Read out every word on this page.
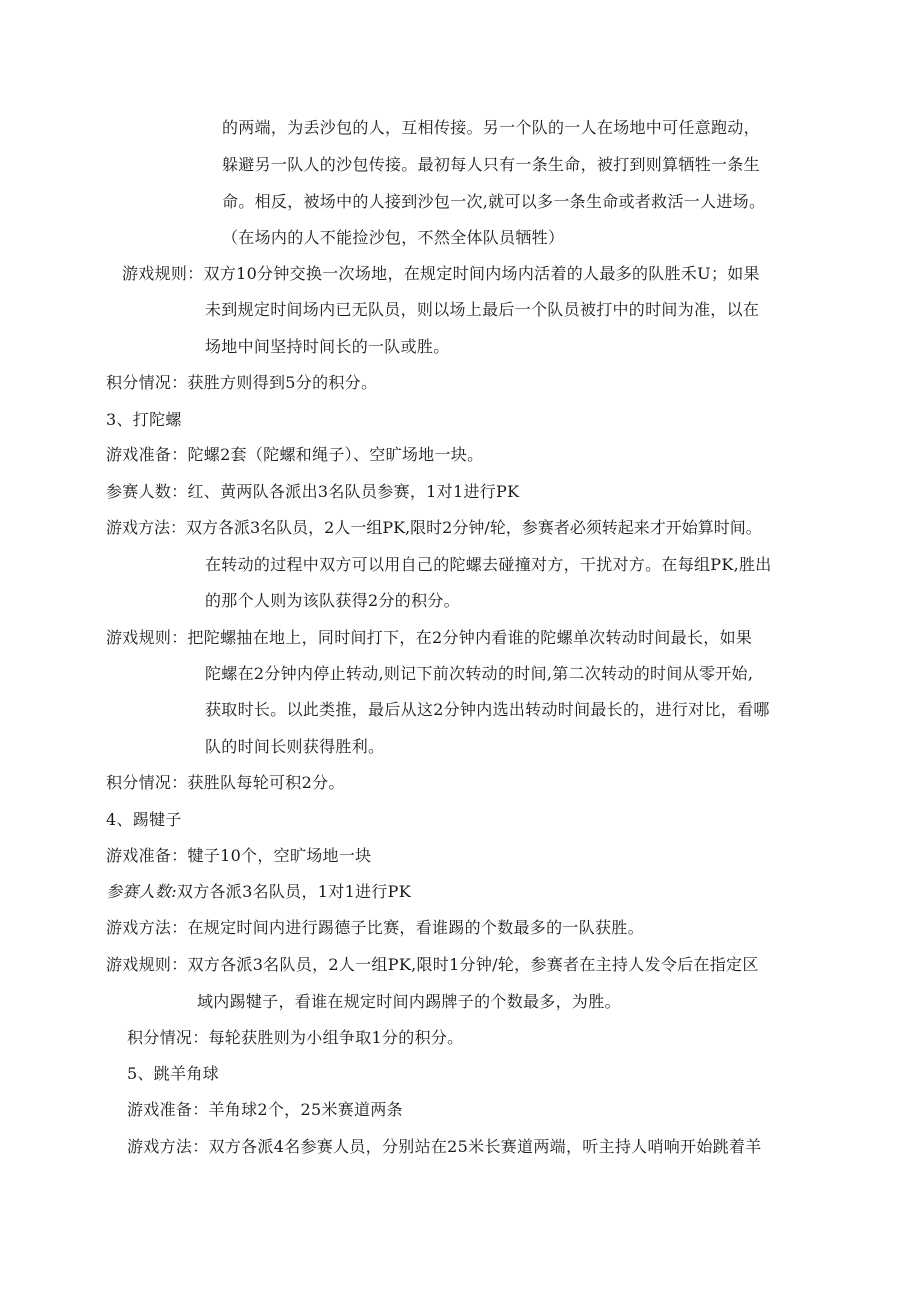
的两端，为丢沙包的人，互相传接。另一个队的一人在场地中可任意跑动，
躲避另一队人的沙包传接。最初每人只有一条生命，被打到则算牺牲一条生
命。相反，被场中的人接到沙包一次,就可以多一条生命或者救活一人进场。
（在场内的人不能捡沙包，不然全体队员牺牲）
游戏规则：双方10分钟交换一次场地，在规定时间内场内活着的人最多的队胜禾U；如果
未到规定时间场内已无队员，则以场上最后一个队员被打中的时间为准，以在
场地中间坚持时间长的一队或胜。
积分情况：获胜方则得到5分的积分。
3、打陀螺
游戏准备：陀螺2套（陀螺和绳子）、空旷场地一块。
参赛人数：红、黄两队各派出3名队员参赛，1对1进行PK
游戏方法：双方各派3名队员，2人一组PK,限时2分钟/轮，参赛者必须转起来才开始算时间。
在转动的过程中双方可以用自己的陀螺去碰撞对方，干扰对方。在每组PK,胜出
的那个人则为该队获得2分的积分。
游戏规则：把陀螺抽在地上，同时间打下，在2分钟内看谁的陀螺单次转动时间最长，如果
陀螺在2分钟内停止转动,则记下前次转动的时间,第二次转动的时间从零开始,
获取时长。以此类推，最后从这2分钟内选出转动时间最长的，进行对比，看哪
队的时间长则获得胜利。
积分情况：获胜队每轮可积2分。
4、踢犍子
游戏准备：犍子10个，空旷场地一块
参赛人数:双方各派3名队员，1对1进行PK
游戏方法：在规定时间内进行踢德子比赛，看谁踢的个数最多的一队获胜。
游戏规则：双方各派3名队员，2人一组PK,限时1分钟/轮，参赛者在主持人发令后在指定区
域内踢犍子，看谁在规定时间内踢牌子的个数最多，为胜。
积分情况：每轮获胜则为小组争取1分的积分。
5、跳羊角球
游戏准备：羊角球2个，25米赛道两条
游戏方法：双方各派4名参赛人员，分别站在25米长赛道两端，听主持人哨响开始跳着羊
